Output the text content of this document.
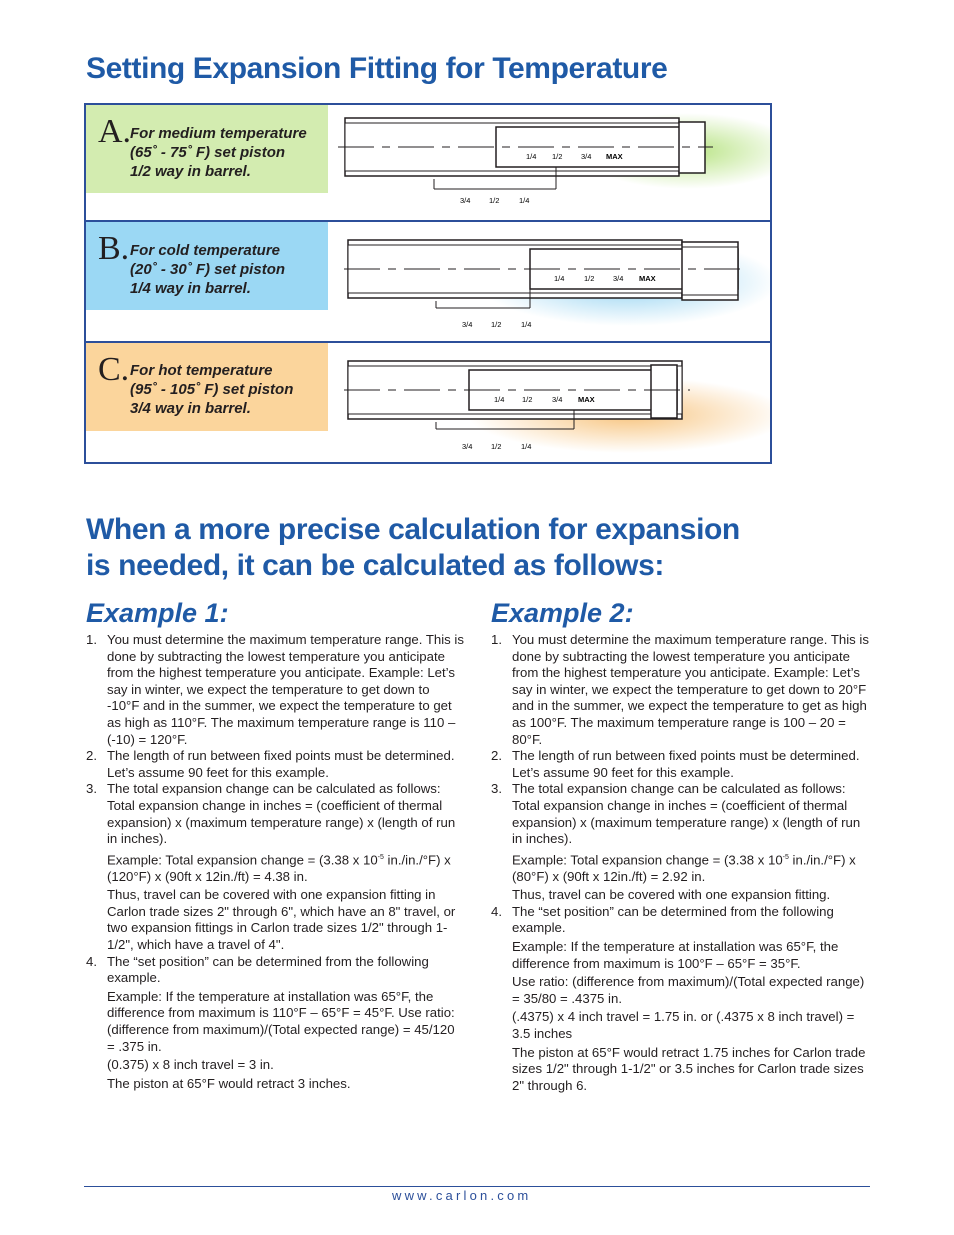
Setting Expansion Fitting for Temperature
A.
For medium temperature
(65˚ - 75˚ F) set piston
1/2 way in barrel.
1/4 1/2 3/4 MAX
3/4 1/2	1/4
B. For cold temperature
(20˚ - 30˚ F) set piston
1/4 way in barrel.
1/4	1/2 3/4 MAX
3/4 1/2	1/4
C. For hot temperature
(95˚ - 105˚ F) set piston
3/4 way in barrel.
1/4 1/2	3/4 MAX
3/4 1/2	1/4
When a more precise calculation for expansion
is needed, it can be calculated as follows:
Example 1:
1. You must determine the maximum temperature range. This is done by subtracting the lowest temperature you anticipate from the highest temperature you anticipate. Example: Let’s say in winter, we expect the temperature to get down to -10°F and in the summer, we expect the temperature to get as high as 110°F. The maximum temperature range is 110 –(-10) = 120°F.

2. The length of run between fixed points must be determined. Let’s assume 90 feet for this example.

3. The total expansion change can be calculated as follows: Total expansion change in inches = (coefficient of thermal expansion) x (maximum temperature range) x (length of run in inches).

Example: Total expansion change = (3.38 x $10^{-5}$ in./in./°F) x (120°F) x (90ft x 12in./ft) = 4.38 in.

Thus, travel can be covered with one expansion fitting in Carlon trade sizes 2" through 6", which have an 8" travel, or two expansion fittings in Carlon trade sizes 1/2" through 1-1/2", which have a travel of 4".

4. The “set position” can be determined from the following example.

Example: If the temperature at installation was 65°F, the difference from maximum is 110°F – 65°F = 45°F. Use ratio: (difference from maximum)/(Total expected range) = 45/120 = .375 in.

(0.375) x 8 inch travel = 3 in.

The piston at 65°F would retract 3 inches.

Example 2:
1. You must determine the maximum temperature range. This is done by subtracting the lowest temperature you anticipate from the highest temperature you anticipate. Example: Let’s say in winter, we expect the temperature to get down to 20°F and in the summer, we expect the temperature to get as high as 100°F. The maximum temperature range is 100 – 20 = 80°F.

2. The length of run between fixed points must be determined. Let’s assume 90 feet for this example.

3. The total expansion change can be calculated as follows: Total expansion change in inches = (coefficient of thermal expansion) x (maximum temperature range) x (length of run in inches).

Example: Total expansion change = (3.38 x $10^{-5}$ in./in./°F) x (80°F) x (90ft x 12in./ft) = 2.92 in.

Thus, travel can be covered with one expansion fitting.

4. The “set position” can be determined from the following example.

Example: If the temperature at installation was 65°F, the difference from maximum is 100°F – 65°F = 35°F.

Use ratio: (difference from maximum)/(Total expected range) = 35/80 = .4375 in.

(.4375) x 4 inch travel = 1.75 in. or (.4375 x 8 inch travel) = 3.5 inches

The piston at 65°F would retract 1.75 inches for Carlon trade sizes 1/2" through 1-1/2" or 3.5 inches for Carlon trade sizes 2" through 6.

www.carlon.com
